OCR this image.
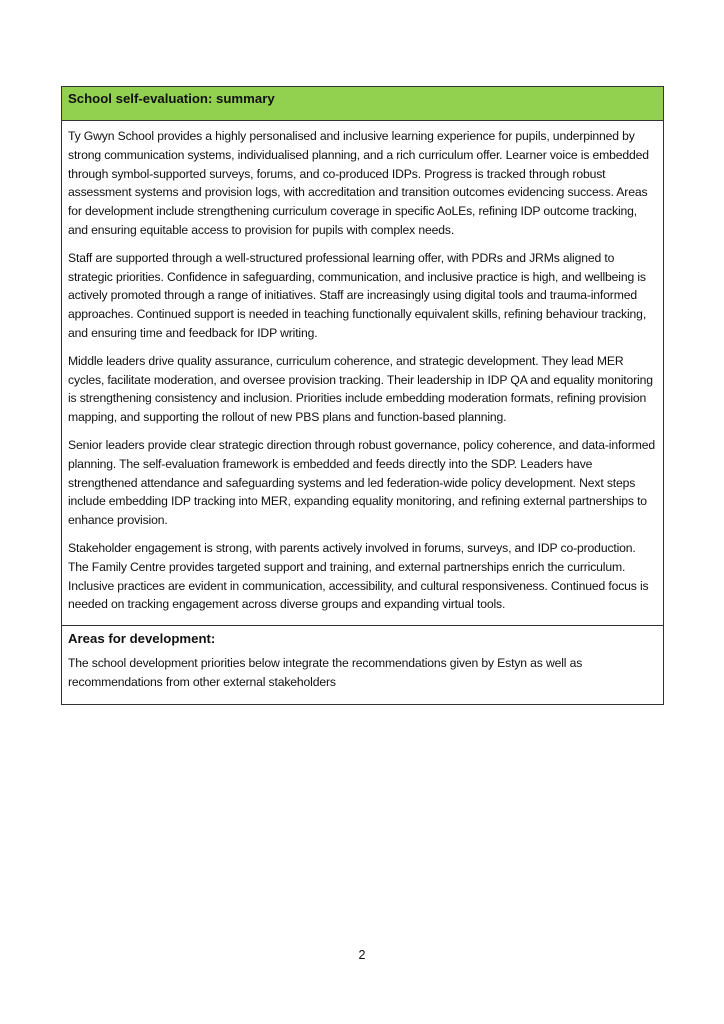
School self-evaluation: summary

Ty Gwyn School provides a highly personalised and inclusive learning experience for pupils, underpinned by strong communication systems, individualised planning, and a rich curriculum offer. Learner voice is embedded through symbol-supported surveys, forums, and co-produced IDPs. Progress is tracked through robust assessment systems and provision logs, with accreditation and transition outcomes evidencing success. Areas for development include strengthening curriculum coverage in specific AoLEs, refining IDP outcome tracking, and ensuring equitable access to provision for pupils with complex needs.

Staff are supported through a well-structured professional learning offer, with PDRs and JRMs aligned to strategic priorities. Confidence in safeguarding, communication, and inclusive practice is high, and wellbeing is actively promoted through a range of initiatives. Staff are increasingly using digital tools and trauma-informed approaches. Continued support is needed in teaching functionally equivalent skills, refining behaviour tracking, and ensuring time and feedback for IDP writing.

Middle leaders drive quality assurance, curriculum coherence, and strategic development. They lead MER cycles, facilitate moderation, and oversee provision tracking. Their leadership in IDP QA and equality monitoring is strengthening consistency and inclusion. Priorities include embedding moderation formats, refining provision mapping, and supporting the rollout of new PBS plans and function-based planning.

Senior leaders provide clear strategic direction through robust governance, policy coherence, and data-informed planning. The self-evaluation framework is embedded and feeds directly into the SDP. Leaders have strengthened attendance and safeguarding systems and led federation-wide policy development. Next steps include embedding IDP tracking into MER, expanding equality monitoring, and refining external partnerships to enhance provision.

Stakeholder engagement is strong, with parents actively involved in forums, surveys, and IDP co-production. The Family Centre provides targeted support and training, and external partnerships enrich the curriculum. Inclusive practices are evident in communication, accessibility, and cultural responsiveness. Continued focus is needed on tracking engagement across diverse groups and expanding virtual tools.

Areas for development:

The school development priorities below integrate the recommendations given by Estyn as well as recommendations from other external stakeholders

2
